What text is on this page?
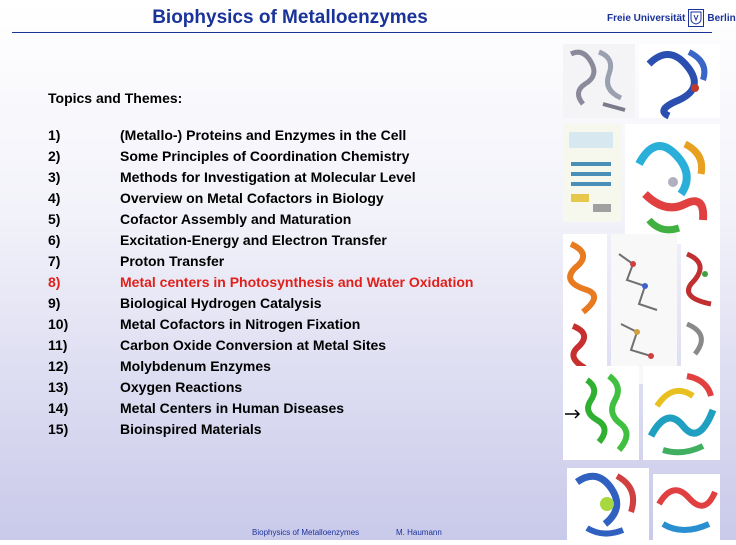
Biophysics of Metalloenzymes	Freie Universität Berlin
Topics and Themes:
1)	(Metallo-) Proteins and Enzymes in the Cell
2)	Some Principles of Coordination Chemistry
3)	Methods for Investigation at Molecular Level
4)	Overview on Metal Cofactors in Biology
5)	Cofactor Assembly and Maturation
6)	Excitation-Energy and Electron Transfer
7)	Proton Transfer
8)	Metal centers in Photosynthesis and Water Oxidation
9)	Biological Hydrogen Catalysis
10)	Metal Cofactors in Nitrogen Fixation
11)	Carbon Oxide Conversion at Metal Sites
12)	Molybdenum Enzymes
13)	Oxygen Reactions
14)	Metal Centers in Human Diseases
15)	Bioinspired Materials
Biophysics of Metalloenzymes	M. Haumann
